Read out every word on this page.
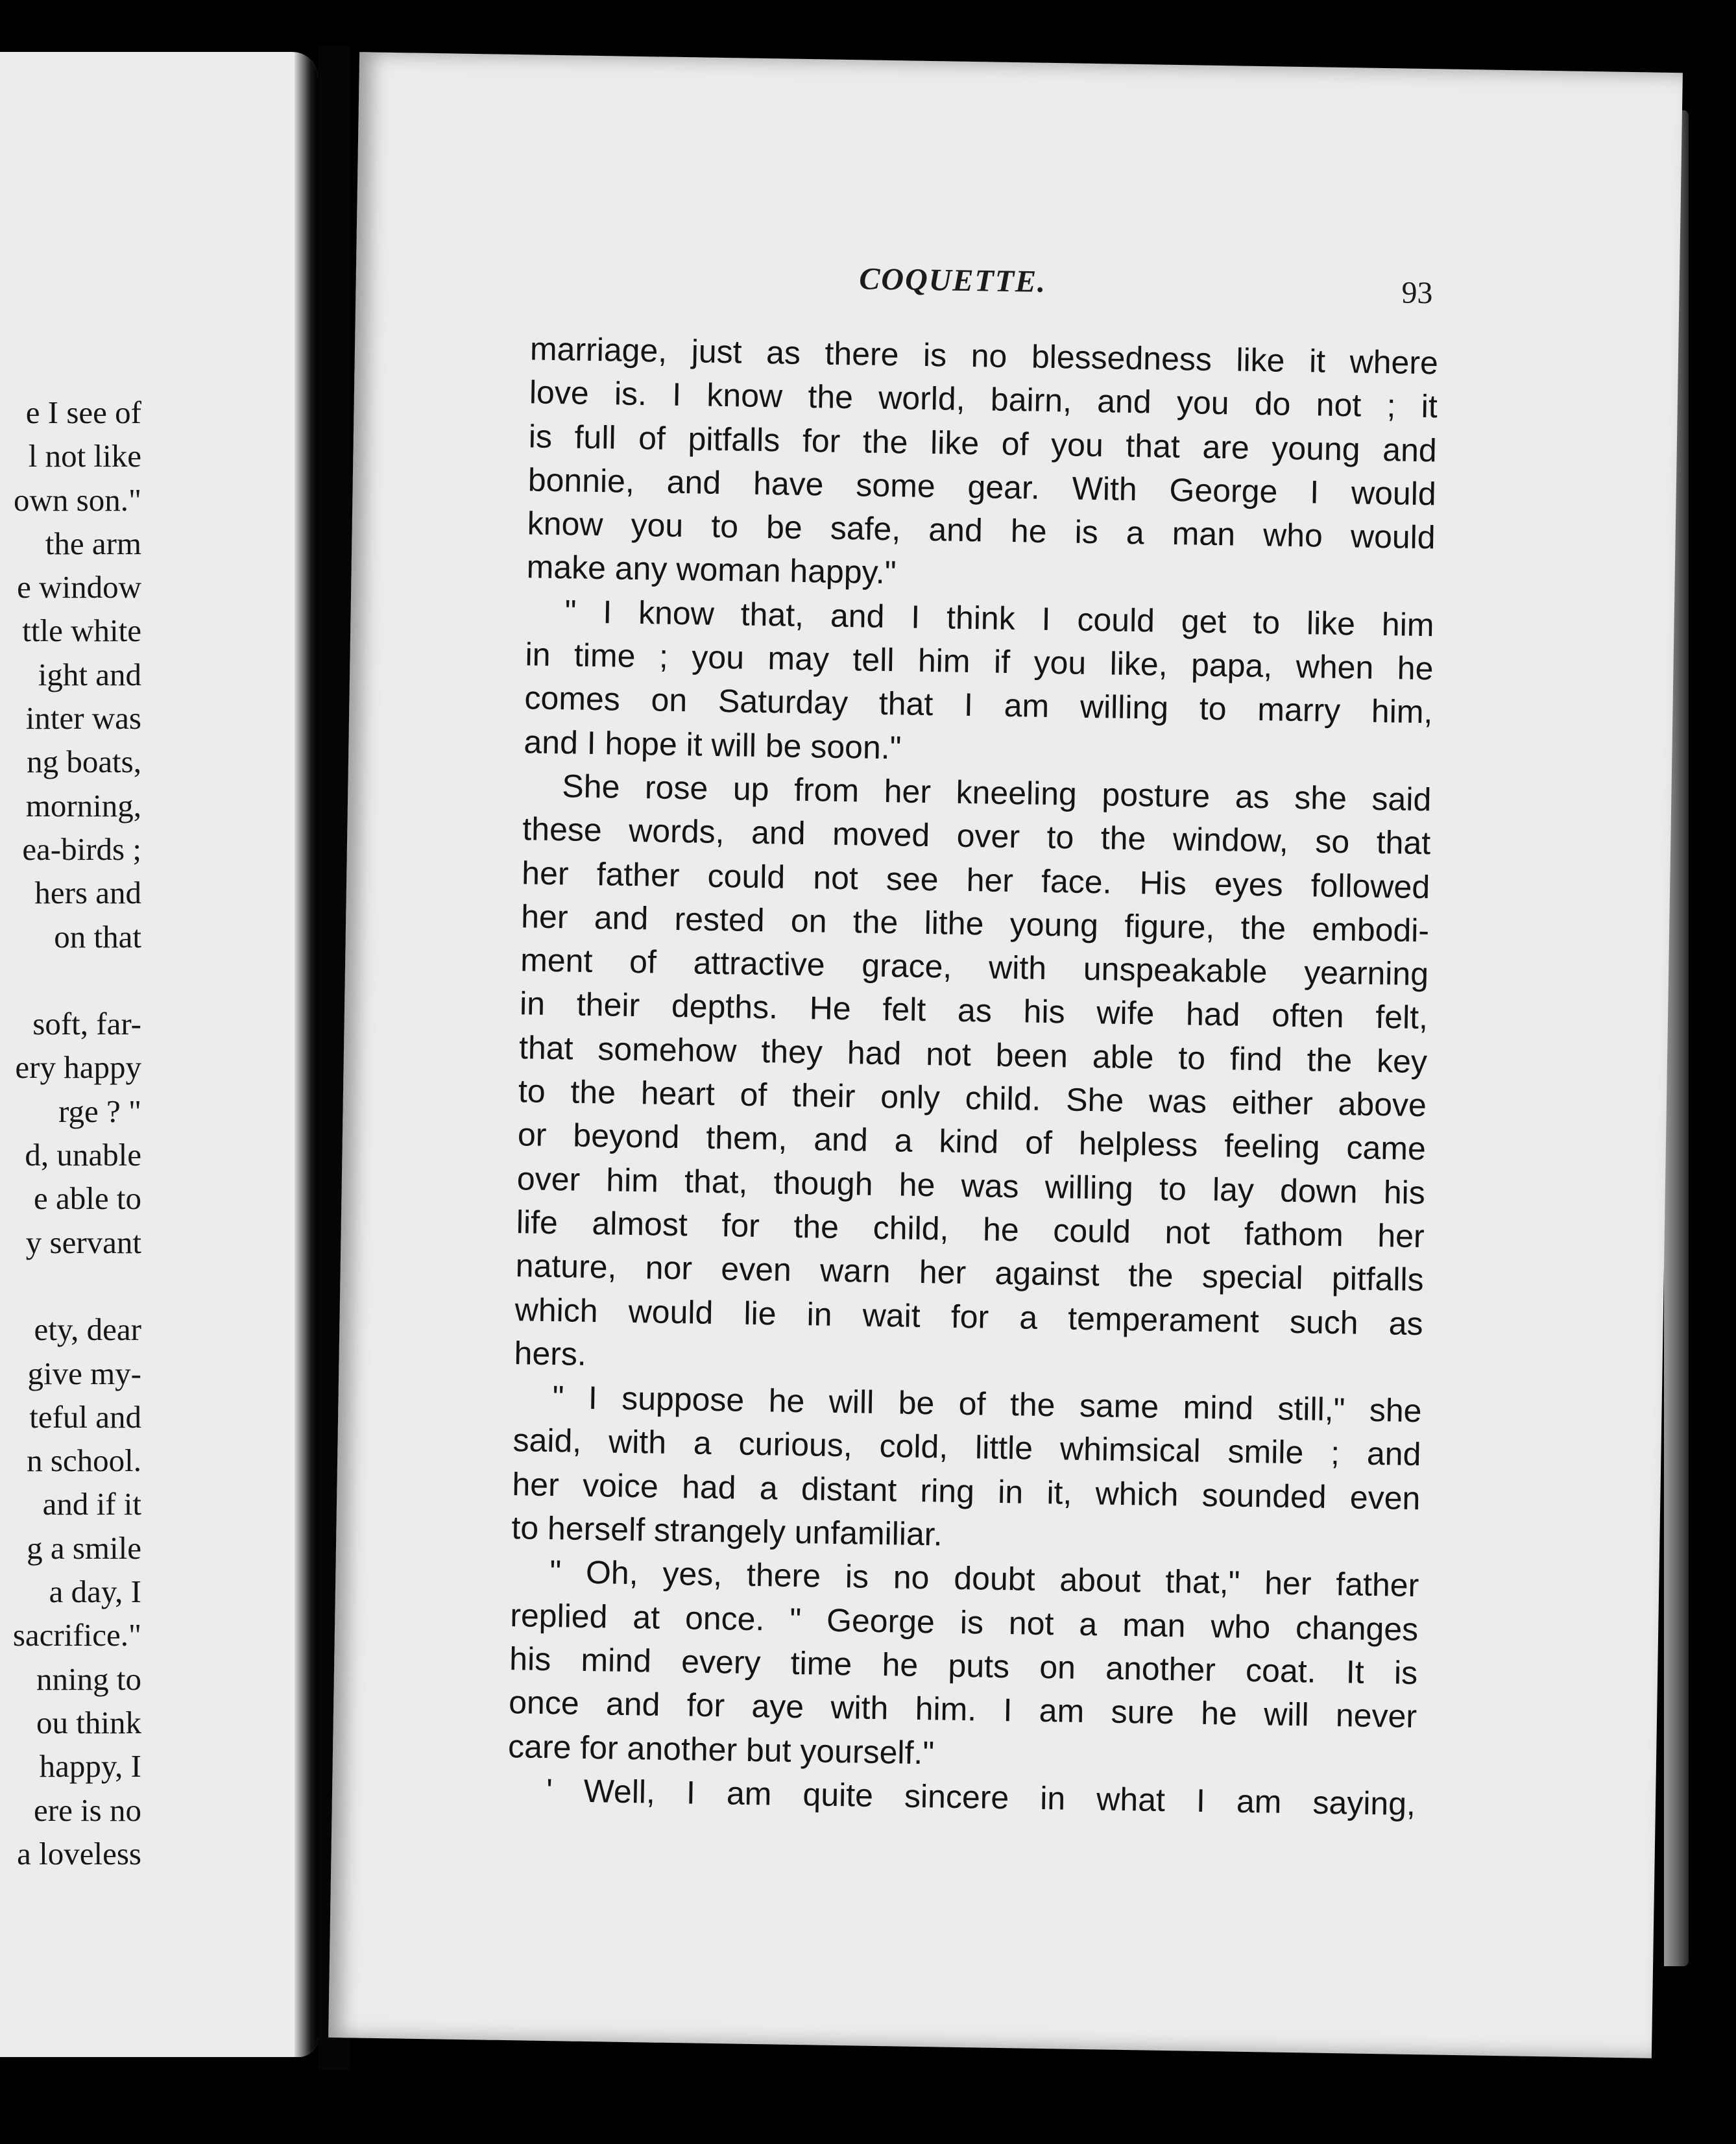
e I see of
l not like
own son."
the arm
e window
ttle white
ight and
inter was
ng boats,
morning,
ea-birds ;
hers and
on that
soft, far-
ery happy
rge ? "
d, unable
e able to
y servant
ety, dear
give my-
teful and
n school.
and if it
g a smile
a day, I
sacrifice."
nning to
ou think
happy, I
ere is no
a loveless
COQUETTE.	93
marriage, just as there is no blessedness like it where
love is. I know the world, bairn, and you do not ; it
is full of pitfalls for the like of you that are young and
bonnie, and have some gear. With George I would
know you to be safe, and he is a man who would
make any woman happy."
" I know that, and I think I could get to like him
in time ; you may tell him if you like, papa, when he
comes on Saturday that I am willing to marry him,
and I hope it will be soon."
She rose up from her kneeling posture as she said
these words, and moved over to the window, so that
her father could not see her face. His eyes followed
her and rested on the lithe young figure, the embodi-
ment of attractive grace, with unspeakable yearning
in their depths. He felt as his wife had often felt,
that somehow they had not been able to find the key
to the heart of their only child. She was either above
or beyond them, and a kind of helpless feeling came
over him that, though he was willing to lay down his
life almost for the child, he could not fathom her
nature, nor even warn her against the special pitfalls
which would lie in wait for a temperament such as
hers.
" I suppose he will be of the same mind still," she
said, with a curious, cold, little whimsical smile ; and
her voice had a distant ring in it, which sounded even
to herself strangely unfamiliar.
" Oh, yes, there is no doubt about that," her father
replied at once. " George is not a man who changes
his mind every time he puts on another coat. It is
once and for aye with him. I am sure he will never
care for another but yourself."
' Well, I am quite sincere in what I am saying,
